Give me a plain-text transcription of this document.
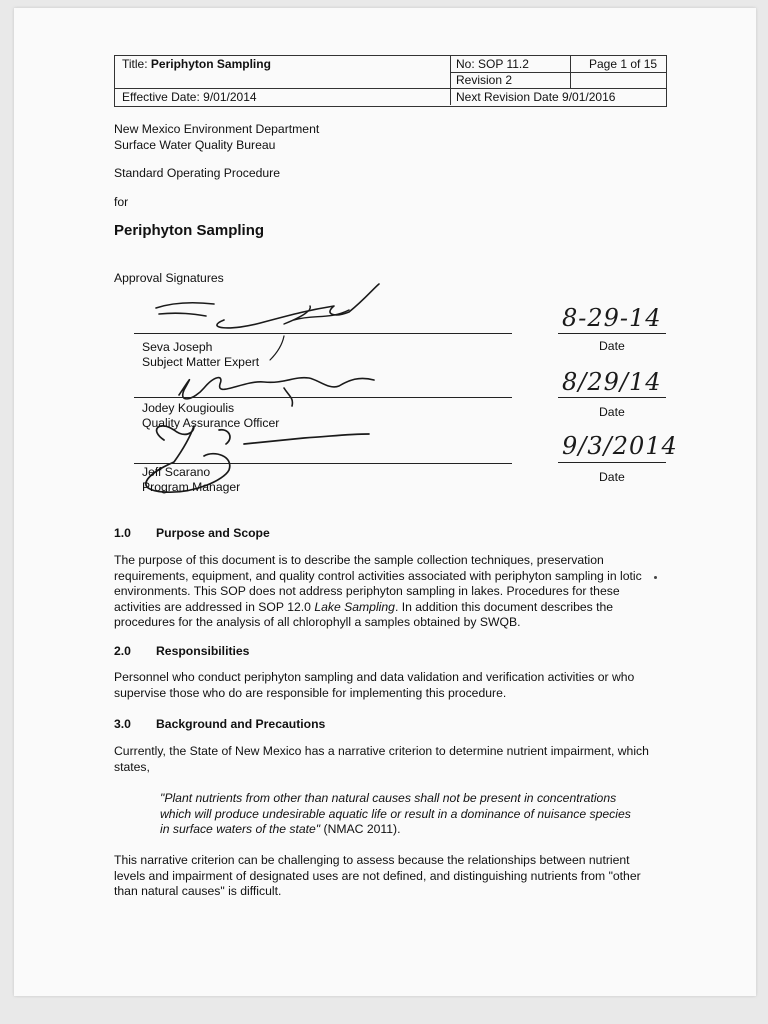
Title: Periphyton Sampling	No: SOP 11.2	Page 1 of 15
Revision 2
Effective Date: 9/01/2014	Next Revision Date 9/01/2016
New Mexico Environment Department
Surface Water Quality Bureau
Standard Operating Procedure
for
Periphyton Sampling
Approval Signatures
Seva Joseph
Subject Matter Expert
Jodey Kougioulis
Quality Assurance Officer
Jeff Scarano
Program Manager
8-29-14
Date
8/29/14
Date
9/3/2014
Date
1.0 Purpose and Scope
The purpose of this document is to describe the sample collection techniques, preservation requirements, equipment, and quality control activities associated with periphyton sampling in lotic environments. This SOP does not address periphyton sampling in lakes. Procedures for these activities are addressed in SOP 12.0 Lake Sampling. In addition this document describes the procedures for the analysis of all chlorophyll a samples obtained by SWQB.
2.0 Responsibilities
Personnel who conduct periphyton sampling and data validation and verification activities or who supervise those who do are responsible for implementing this procedure.
3.0 Background and Precautions
Currently, the State of New Mexico has a narrative criterion to determine nutrient impairment, which states,
"Plant nutrients from other than natural causes shall not be present in concentrations which will produce undesirable aquatic life or result in a dominance of nuisance species in surface waters of the state" (NMAC 2011).
This narrative criterion can be challenging to assess because the relationships between nutrient levels and impairment of designated uses are not defined, and distinguishing nutrients from "other than natural causes" is difficult.
